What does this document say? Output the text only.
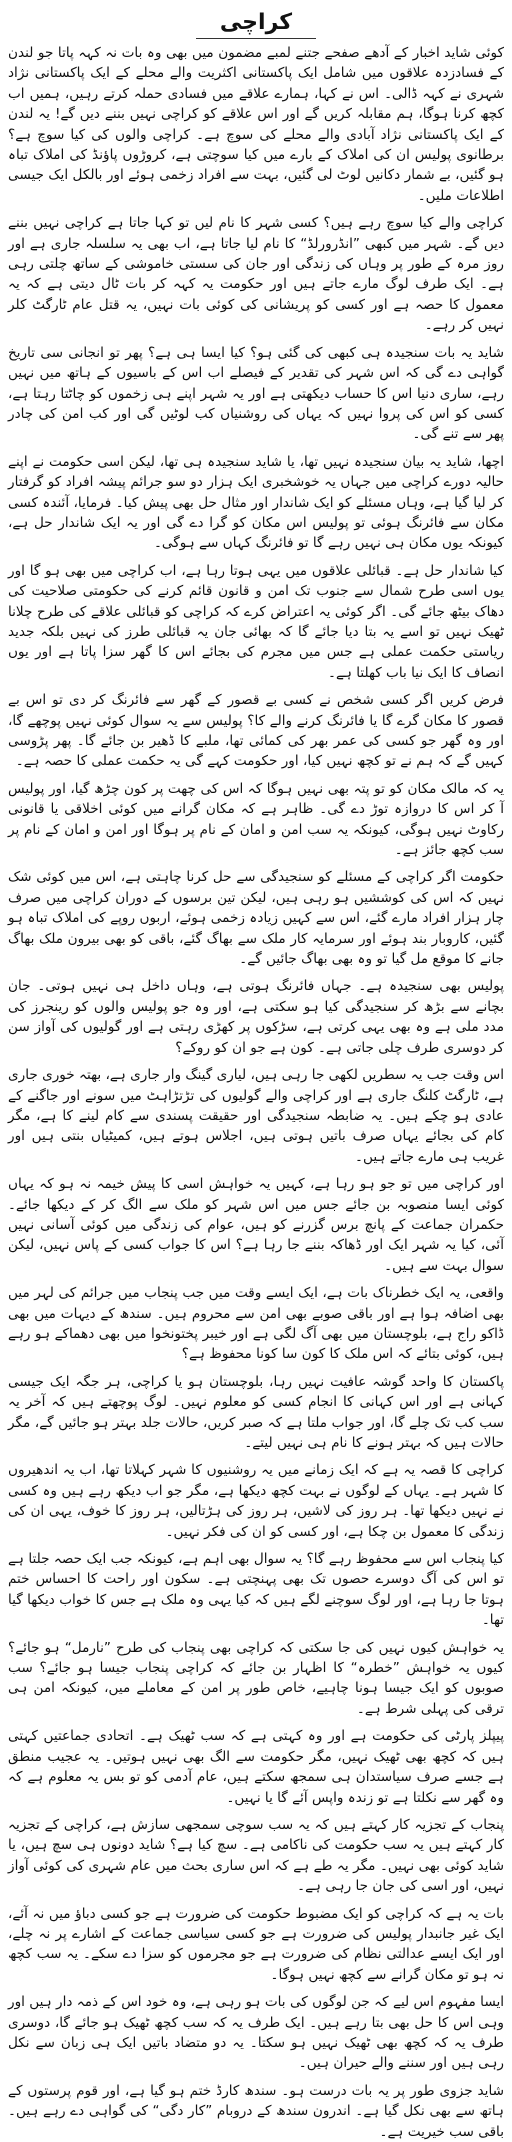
کراچی

کوئی شاید اخبار کے آدھے صفحے جتنے لمبے مضمون میں بھی وہ بات نہ کہہ پاتا جو لندن کے فسادزدہ علاقوں میں شامل ایک پاکستانی اکثریت والے محلے کے ایک پاکستانی نژاد شہری نے کہہ ڈالی۔ اس نے کہا، ہمارے علاقے میں فسادی حملہ کرتے رہیں، ہمیں اب کچھ کرنا ہوگا، ہم مقابلہ کریں گے اور اس علاقے کو کراچی نہیں بننے دیں گے! یہ لندن کے ایک پاکستانی نژاد آبادی والے محلے کی سوچ ہے۔ کراچی والوں کی کیا سوچ ہے؟ برطانوی پولیس ان کی املاک کے بارے میں کیا سوچتی ہے، کروڑوں پاؤنڈ کی املاک تباہ ہو گئیں، بے شمار دکانیں لوٹ لی گئیں، بہت سے افراد زخمی ہوئے اور بالکل ایک جیسی اطلاعات ملیں۔

کراچی والے کیا سوچ رہے ہیں؟ کسی شہر کا نام لیں تو کہا جاتا ہے کراچی نہیں بننے دیں گے۔ شہر میں کبھی ”انڈرورلڈ“ کا نام لیا جاتا ہے، اب بھی یہ سلسلہ جاری ہے اور روز مرہ کے طور پر وہاں کی زندگی اور جان کی سستی خاموشی کے ساتھ چلتی رہی ہے۔ ایک طرف لوگ مارے جاتے ہیں اور حکومت یہ کہہ کر بات ٹال دیتی ہے کہ یہ معمول کا حصہ ہے اور کسی کو پریشانی کی کوئی بات نہیں، یہ قتل عام ٹارگٹ کلر نہیں کر رہے۔

شاید یہ بات سنجیدہ ہی کبھی کی گئی ہو؟ کیا ایسا ہی ہے؟ پھر تو انجانی سی تاریخ گواہی دے گی کہ اس شہر کی تقدیر کے فیصلے اب اس کے باسیوں کے ہاتھ میں نہیں رہے، ساری دنیا اس کا حساب دیکھتی ہے اور یہ شہر اپنے ہی زخموں کو چاٹتا رہتا ہے، کسی کو اس کی پروا نہیں کہ یہاں کی روشنیاں کب لوٹیں گی اور کب امن کی چادر پھر سے تنے گی۔

اچھا، شاید یہ بیان سنجیدہ نہیں تھا، یا شاید سنجیدہ ہی تھا، لیکن اسی حکومت نے اپنے حالیہ دورے کراچی میں جہاں یہ خوشخبری ایک ہزار دو سو جرائم پیشہ افراد کو گرفتار کر لیا گیا ہے، وہاں مسئلے کو ایک شاندار اور مثال حل بھی پیش کیا۔ فرمایا، آئندہ کسی مکان سے فائرنگ ہوئی تو پولیس اس مکان کو گرا دے گی اور یہ ایک شاندار حل ہے، کیونکہ یوں مکان ہی نہیں رہے گا تو فائرنگ کہاں سے ہوگی۔

کیا شاندار حل ہے۔ قبائلی علاقوں میں یہی ہوتا رہا ہے، اب کراچی میں بھی ہو گا اور یوں اسی طرح شمال سے جنوب تک امن و قانون قائم کرنے کی حکومتی صلاحیت کی دھاک بیٹھ جائے گی۔ اگر کوئی یہ اعتراض کرے کہ کراچی کو قبائلی علاقے کی طرح چلانا ٹھیک نہیں تو اسے یہ بتا دیا جائے گا کہ بھائی جان یہ قبائلی طرز کی نہیں بلکہ جدید ریاستی حکمت عملی ہے جس میں مجرم کی بجائے اس کا گھر سزا پاتا ہے اور یوں انصاف کا ایک نیا باب کھلتا ہے۔

فرض کریں اگر کسی شخص نے کسی بے قصور کے گھر سے فائرنگ کر دی تو اس بے قصور کا مکان گرے گا یا فائرنگ کرنے والے کا؟ پولیس سے یہ سوال کوئی نہیں پوچھے گا، اور وہ گھر جو کسی کی عمر بھر کی کمائی تھا، ملبے کا ڈھیر بن جائے گا۔ پھر پڑوسی کہیں گے کہ ہم نے تو کچھ نہیں کیا، اور حکومت کہے گی یہ حکمت عملی کا حصہ ہے۔

یہ کہ مالک مکان کو تو پتہ بھی نہیں ہوگا کہ اس کی چھت پر کون چڑھ گیا، اور پولیس آ کر اس کا دروازہ توڑ دے گی۔ ظاہر ہے کہ مکان گرانے میں کوئی اخلاقی یا قانونی رکاوٹ نہیں ہوگی، کیونکہ یہ سب امن و امان کے نام پر ہوگا اور امن و امان کے نام پر سب کچھ جائز ہے۔

حکومت اگر کراچی کے مسئلے کو سنجیدگی سے حل کرنا چاہتی ہے، اس میں کوئی شک نہیں کہ اس کی کوششیں ہو رہی ہیں، لیکن تین برسوں کے دوران کراچی میں صرف چار ہزار افراد مارے گئے، اس سے کہیں زیادہ زخمی ہوئے، اربوں روپے کی املاک تباہ ہو گئیں، کاروبار بند ہوئے اور سرمایہ کار ملک سے بھاگ گئے، باقی کو بھی بیرون ملک بھاگ جانے کا موقع مل گیا تو وہ بھی بھاگ جائیں گے۔

پولیس بھی سنجیدہ ہے۔ جہاں فائرنگ ہوتی ہے، وہاں داخل ہی نہیں ہوتی۔ جان بچانے سے بڑھ کر سنجیدگی کیا ہو سکتی ہے، اور وہ جو پولیس والوں کو رینجرز کی مدد ملی ہے وہ بھی یہی کرتی ہے، سڑکوں پر کھڑی رہتی ہے اور گولیوں کی آواز سن کر دوسری طرف چلی جاتی ہے۔ کون ہے جو ان کو روکے؟

اس وقت جب یہ سطریں لکھی جا رہی ہیں، لیاری گینگ وار جاری ہے، بھتہ خوری جاری ہے، ٹارگٹ کلنگ جاری ہے اور کراچی والے گولیوں کی تڑتڑاہٹ میں سونے اور جاگنے کے عادی ہو چکے ہیں۔ یہ ضابطہ سنجیدگی اور حقیقت پسندی سے کام لینے کا ہے، مگر کام کی بجائے یہاں صرف باتیں ہوتی ہیں، اجلاس ہوتے ہیں، کمیٹیاں بنتی ہیں اور غریب ہی مارے جاتے ہیں۔

اور کراچی میں تو جو ہو رہا ہے، کہیں یہ خواہش اسی کا پیش خیمہ نہ ہو کہ یہاں کوئی ایسا منصوبہ بن جائے جس میں اس شہر کو ملک سے الگ کر کے دیکھا جائے۔ حکمران جماعت کے پانچ برس گزرنے کو ہیں، عوام کی زندگی میں کوئی آسانی نہیں آئی، کیا یہ شہر ایک اور ڈھاکہ بننے جا رہا ہے؟ اس کا جواب کسی کے پاس نہیں، لیکن سوال بہت سے ہیں۔

واقعی، یہ ایک خطرناک بات ہے، ایک ایسے وقت میں جب پنجاب میں جرائم کی لہر میں بھی اضافہ ہوا ہے اور باقی صوبے بھی امن سے محروم ہیں۔ سندھ کے دیہات میں بھی ڈاکو راج ہے، بلوچستان میں بھی آگ لگی ہے اور خیبر پختونخوا میں بھی دھماکے ہو رہے ہیں، کوئی بتائے کہ اس ملک کا کون سا کونا محفوظ ہے؟

پاکستان کا واحد گوشہ عافیت نہیں رہا، بلوچستان ہو یا کراچی، ہر جگہ ایک جیسی کہانی ہے اور اس کہانی کا انجام کسی کو معلوم نہیں۔ لوگ پوچھتے ہیں کہ آخر یہ سب کب تک چلے گا، اور جواب ملتا ہے کہ صبر کریں، حالات جلد بہتر ہو جائیں گے، مگر حالات ہیں کہ بہتر ہونے کا نام ہی نہیں لیتے۔

کراچی کا قصہ یہ ہے کہ ایک زمانے میں یہ روشنیوں کا شہر کہلاتا تھا، اب یہ اندھیروں کا شہر ہے۔ یہاں کے لوگوں نے بہت کچھ دیکھا ہے، مگر جو اب دیکھ رہے ہیں وہ کسی نے نہیں دیکھا تھا۔ ہر روز کی لاشیں، ہر روز کی ہڑتالیں، ہر روز کا خوف، یہی ان کی زندگی کا معمول بن چکا ہے، اور کسی کو ان کی فکر نہیں۔

کیا پنجاب اس سے محفوظ رہے گا؟ یہ سوال بھی اہم ہے، کیونکہ جب ایک حصہ جلتا ہے تو اس کی آگ دوسرے حصوں تک بھی پہنچتی ہے۔ سکون اور راحت کا احساس ختم ہوتا جا رہا ہے، اور لوگ سوچنے لگے ہیں کہ کیا یہی وہ ملک ہے جس کا خواب دیکھا گیا تھا۔

یہ خواہش کیوں نہیں کی جا سکتی کہ کراچی بھی پنجاب کی طرح ”نارمل“ ہو جائے؟ کیوں یہ خواہش ”خطرہ“ کا اظہار بن جائے کہ کراچی پنجاب جیسا ہو جائے؟ سب صوبوں کو ایک جیسا ہونا چاہیے، خاص طور پر امن کے معاملے میں، کیونکہ امن ہی ترقی کی پہلی شرط ہے۔

پیپلز پارٹی کی حکومت ہے اور وہ کہتی ہے کہ سب ٹھیک ہے۔ اتحادی جماعتیں کہتی ہیں کہ کچھ بھی ٹھیک نہیں، مگر حکومت سے الگ بھی نہیں ہوتیں۔ یہ عجیب منطق ہے جسے صرف سیاستدان ہی سمجھ سکتے ہیں، عام آدمی کو تو بس یہ معلوم ہے کہ وہ گھر سے نکلتا ہے تو زندہ واپس آئے گا یا نہیں۔

پنجاب کے تجزیہ کار کہتے ہیں کہ یہ سب سوچی سمجھی سازش ہے، کراچی کے تجزیہ کار کہتے ہیں یہ سب حکومت کی ناکامی ہے۔ سچ کیا ہے؟ شاید دونوں ہی سچ ہیں، یا شاید کوئی بھی نہیں۔ مگر یہ طے ہے کہ اس ساری بحث میں عام شہری کی کوئی آواز نہیں، اور اسی کی جان جا رہی ہے۔

بات یہ ہے کہ کراچی کو ایک مضبوط حکومت کی ضرورت ہے جو کسی دباؤ میں نہ آئے، ایک غیر جانبدار پولیس کی ضرورت ہے جو کسی سیاسی جماعت کے اشارے پر نہ چلے، اور ایک ایسے عدالتی نظام کی ضرورت ہے جو مجرموں کو سزا دے سکے۔ یہ سب کچھ نہ ہو تو مکان گرانے سے کچھ نہیں ہوگا۔

ایسا مفہوم اس لیے کہ جن لوگوں کی بات ہو رہی ہے، وہ خود اس کے ذمہ دار ہیں اور وہی اس کا حل بھی بتا رہے ہیں۔ ایک طرف یہ کہ سب کچھ ٹھیک ہو جائے گا، دوسری طرف یہ کہ کچھ بھی ٹھیک نہیں ہو سکتا۔ یہ دو متضاد باتیں ایک ہی زبان سے نکل رہی ہیں اور سننے والے حیران ہیں۔

شاید جزوی طور پر یہ بات درست ہو۔ سندھ کارڈ ختم ہو گیا ہے، اور قوم پرستوں کے ہاتھ سے بھی نکل گیا ہے۔ اندرون سندھ کے دروبام ”کار دگی“ کی گواہی دے رہے ہیں۔ باقی سب خیریت ہے۔
